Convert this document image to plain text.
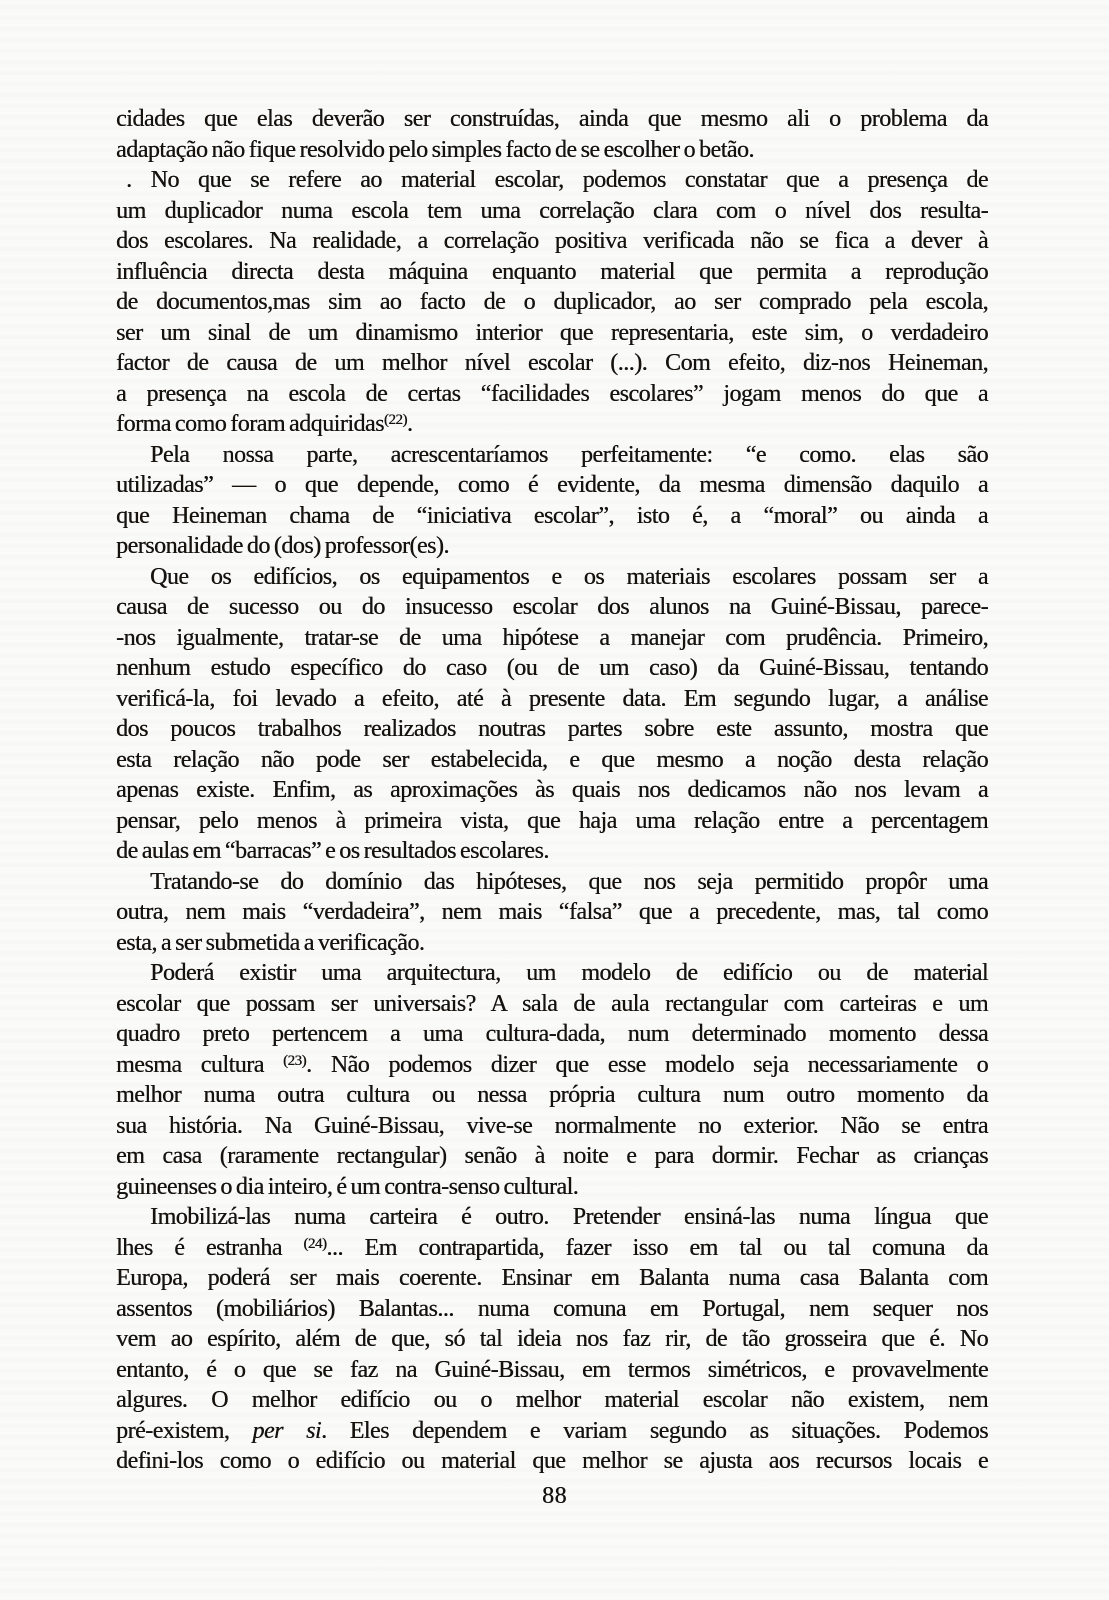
cidades que elas deverão ser construídas, ainda que mesmo ali o problema da
adaptação não fique resolvido pelo simples facto de se escolher o betão.
. No que se refere ao material escolar, podemos constatar que a presença de
um duplicador numa escola tem uma correlação clara com o nível dos resulta-
dos escolares. Na realidade, a correlação positiva verificada não se fica a dever à
influência directa desta máquina enquanto material que permita a reprodução
de documentos,mas sim ao facto de o duplicador, ao ser comprado pela escola,
ser um sinal de um dinamismo interior que representaria, este sim, o verdadeiro
factor de causa de um melhor nível escolar (...). Com efeito, diz-nos Heineman,
a presença na escola de certas “facilidades escolares” jogam menos do que a
forma como foram adquiridas$^{(22)}$.
Pela nossa parte, acrescentaríamos perfeitamente: “e como. elas são
utilizadas” — o que depende, como é evidente, da mesma dimensão daquilo a
que Heineman chama de “iniciativa escolar”, isto é, a “moral” ou ainda a
personalidade do (dos) professor(es).
Que os edifícios, os equipamentos e os materiais escolares possam ser a
causa de sucesso ou do insucesso escolar dos alunos na Guiné-Bissau, parece-
-nos igualmente, tratar-se de uma hipótese a manejar com prudência. Primeiro,
nenhum estudo específico do caso (ou de um caso) da Guiné-Bissau, tentando
verificá-la, foi levado a efeito, até à presente data. Em segundo lugar, a análise
dos poucos trabalhos realizados noutras partes sobre este assunto, mostra que
esta relação não pode ser estabelecida, e que mesmo a noção desta relação
apenas existe. Enfim, as aproximações às quais nos dedicamos não nos levam a
pensar, pelo menos à primeira vista, que haja uma relação entre a percentagem
de aulas em “barracas” e os resultados escolares.
Tratando-se do domínio das hipóteses, que nos seja permitido propôr uma
outra, nem mais “verdadeira”, nem mais “falsa” que a precedente, mas, tal como
esta, a ser submetida a verificação.
Poderá existir uma arquitectura, um modelo de edifício ou de material
escolar que possam ser universais? A sala de aula rectangular com carteiras e um
quadro preto pertencem a uma cultura-dada, num determinado momento dessa
mesma cultura $^{(23)}$. Não podemos dizer que esse modelo seja necessariamente o
melhor numa outra cultura ou nessa própria cultura num outro momento da
sua história. Na Guiné-Bissau, vive-se normalmente no exterior. Não se entra
em casa (raramente rectangular) senão à noite e para dormir. Fechar as crianças
guineenses o dia inteiro, é um contra-senso cultural.
Imobilizá-las numa carteira é outro. Pretender ensiná-las numa língua que
lhes é estranha $^{(24)}$... Em contrapartida, fazer isso em tal ou tal comuna da
Europa, poderá ser mais coerente. Ensinar em Balanta numa casa Balanta com
assentos (mobiliários) Balantas... numa comuna em Portugal, nem sequer nos
vem ao espírito, além de que, só tal ideia nos faz rir, de tão grosseira que é. No
entanto, é o que se faz na Guiné-Bissau, em termos simétricos, e provavelmente
algures. O melhor edifício ou o melhor material escolar não existem, nem
pré-existem, per si. Eles dependem e variam segundo as situações. Podemos
defini-los como o edifício ou material que melhor se ajusta aos recursos locais e
88
